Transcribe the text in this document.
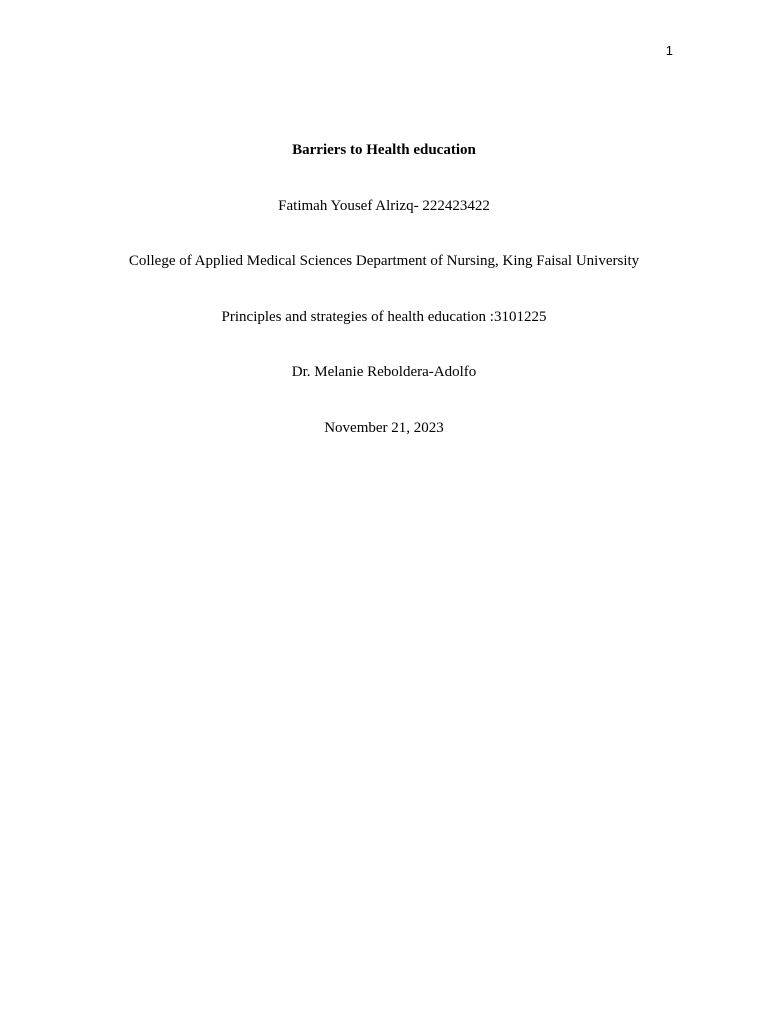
1
Barriers to Health education
Fatimah Yousef Alrizq- 222423422
College of Applied Medical Sciences Department of Nursing, King Faisal University
Principles and strategies of health education :3101225
Dr. Melanie Reboldera-Adolfo
November 21, 2023
